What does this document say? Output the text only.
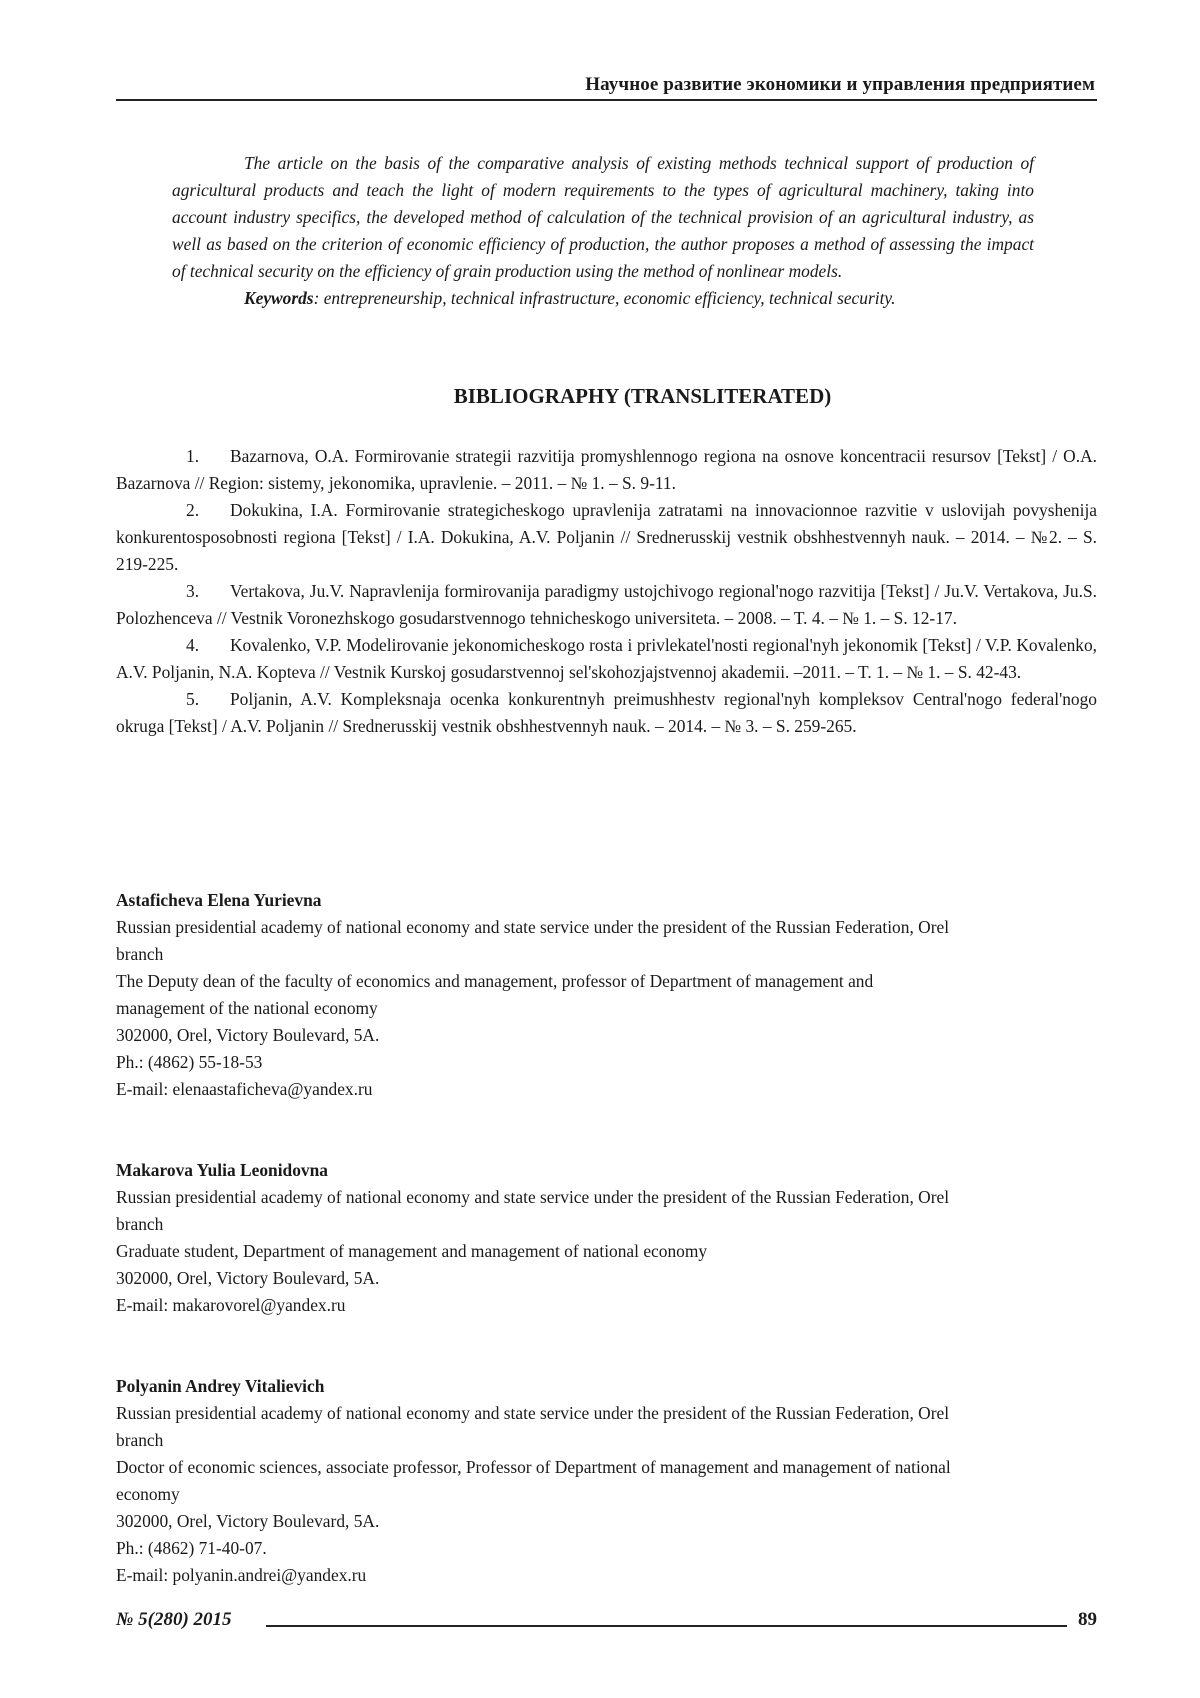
Научное развитие экономики и управления предприятием

The article on the basis of the comparative analysis of existing methods technical support of production of agricultural products and teach the light of modern requirements to the types of agricultural machinery, taking into account industry specifics, the developed method of calculation of the technical provision of an agricultural industry, as well as based on the criterion of economic efficiency of production, the author proposes a method of assessing the impact of technical security on the efficiency of grain production using the method of nonlinear models.

Keywords: entrepreneurship, technical infrastructure, economic efficiency, technical security.

BIBLIOGRAPHY (TRANSLITERATED)
1. Bazarnova, O.A. Formirovanie strategii razvitija promyshlennogo regiona na osnove koncentracii resursov [Tekst] / O.A. Bazarnova // Region: sistemy, jekonomika, upravlenie. – 2011. – № 1. – S. 9-11.
2. Dokukina, I.A. Formirovanie strategicheskogo upravlenija zatratami na innovacionnoe razvitie v uslovijah povyshenija konkurentosposobnosti regiona [Tekst] / I.A. Dokukina, A.V. Poljanin // Srednerusskij vestnik obshhestvennyh nauk. – 2014. – №2. – S. 219-225.
3. Vertakova, Ju.V. Napravlenija formirovanija paradigmy ustojchivogo regional'nogo razvitija [Tekst] / Ju.V. Vertakova, Ju.S. Polozhenceva // Vestnik Voronezhskogo gosudarstvennogo tehnicheskogo universiteta. – 2008. – T. 4. – № 1. – S. 12-17.
4. Kovalenko, V.P. Modelirovanie jekonomicheskogo rosta i privlekatel'nosti regional'nyh jekonomik [Tekst] / V.P. Kovalenko, A.V. Poljanin, N.A. Kopteva // Vestnik Kurskoj gosudarstvennoj sel'skohozjajstvennoj akademii. –2011. – T. 1. – № 1. – S. 42-43.
5. Poljanin, A.V. Kompleksnaja ocenka konkurentnyh preimushhestv regional'nyh kompleksov Central'nogo federal'nogo okruga [Tekst] / A.V. Poljanin // Srednerusskij vestnik obshhestvennyh nauk. – 2014. – № 3. – S. 259-265.
Astaficheva Elena Yurievna
Russian presidential academy of national economy and state service under the president of the Russian Federation, Orel
branch
The Deputy dean of the faculty of economics and management, professor of Department of management and
management of the national economy
302000, Orel, Victory Boulevard, 5A.
Ph.: (4862) 55-18-53
E-mail: elenaastaficheva@yandex.ru
Makarova Yulia Leonidovna
Russian presidential academy of national economy and state service under the president of the Russian Federation, Orel
branch
Graduate student, Department of management and management of national economy
302000, Orel, Victory Boulevard, 5A.
E-mail: makarovorel@yandex.ru
Polyanin Andrey Vitalievich
Russian presidential academy of national economy and state service under the president of the Russian Federation, Orel
branch
Doctor of economic sciences, associate professor, Professor of Department of management and management of national
economy
302000, Orel, Victory Boulevard, 5A.
Ph.: (4862) 71-40-07.
E-mail: polyanin.andrei@yandex.ru
№ 5(280) 2015	89
